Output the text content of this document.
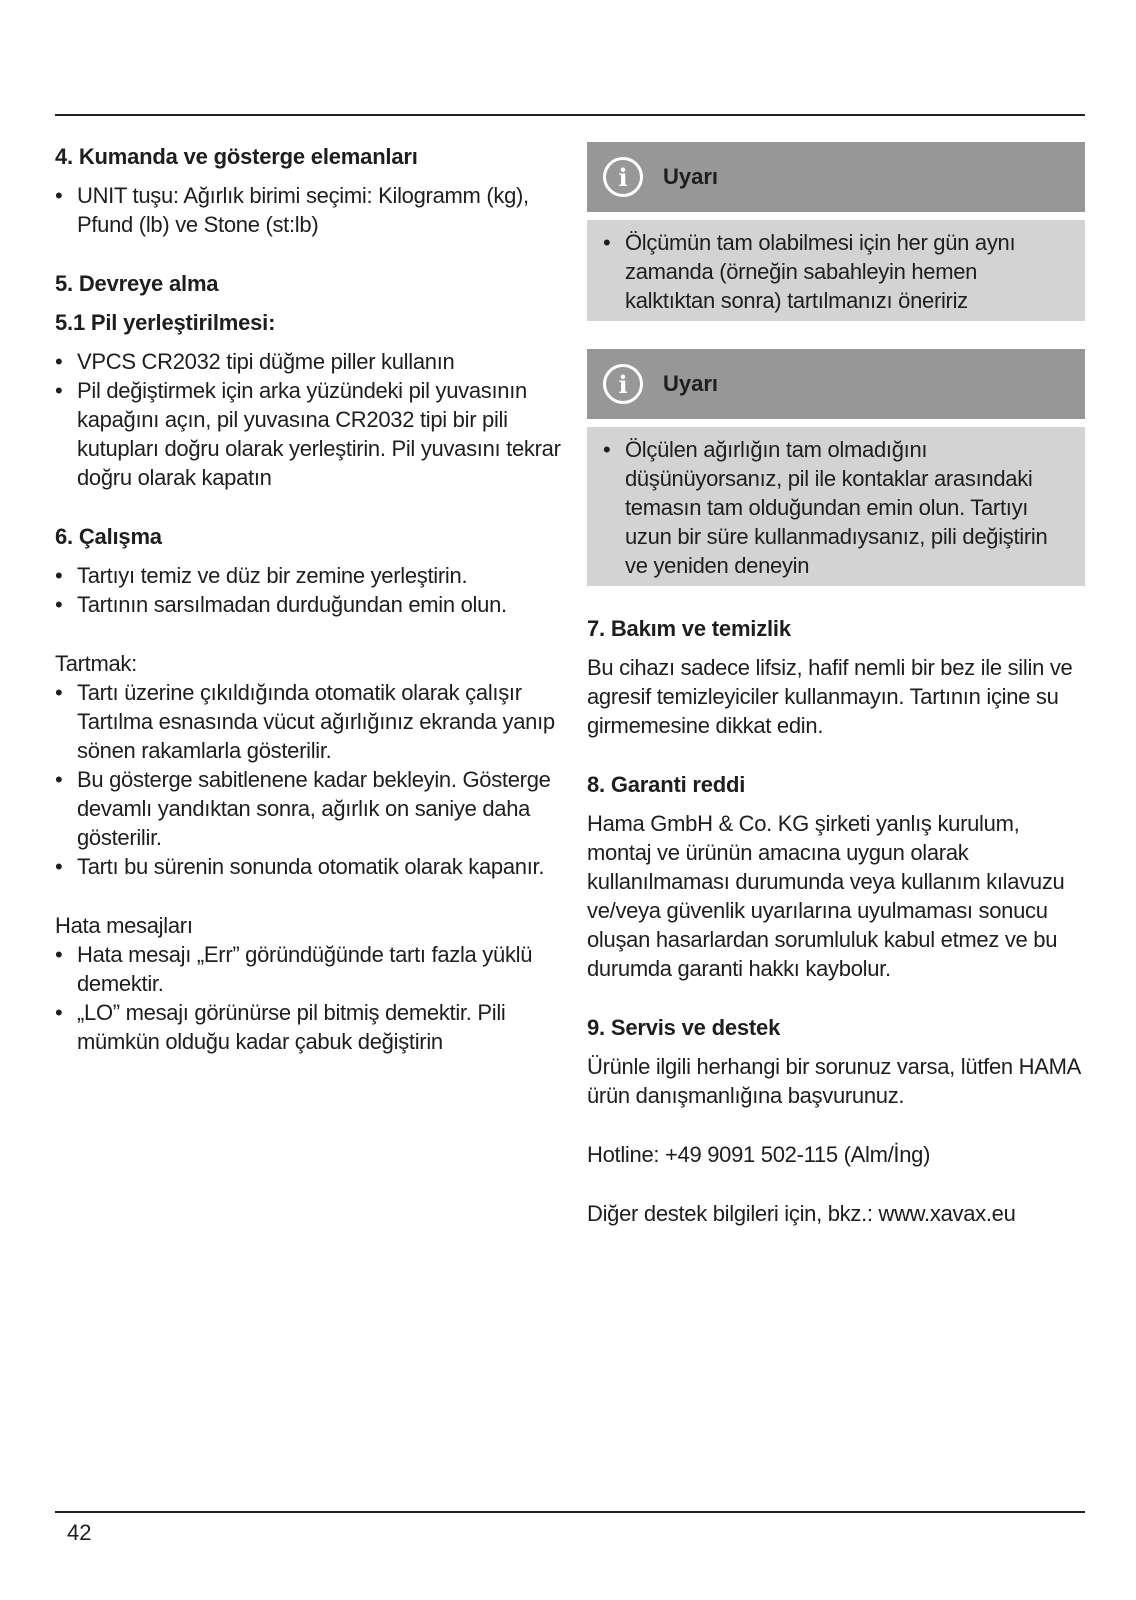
4. Kumanda ve gösterge elemanları
• UNIT tuşu: Ağırlık birimi seçimi: Kilogramm (kg), Pfund (lb) ve Stone (st:lb)
5. Devreye alma
5.1 Pil yerleştirilmesi:
• VPCS CR2032 tipi düğme piller kullanın
• Pil değiştirmek için arka yüzündeki pil yuvasının kapağını açın, pil yuvasına CR2032 tipi bir pili kutupları doğru olarak yerleştirin. Pil yuvasını tekrar doğru olarak kapatın
6. Çalışma
• Tartıyı temiz ve düz bir zemine yerleştirin.
• Tartının sarsılmadan durduğundan emin olun.

Tartmak:

• Tartı üzerine çıkıldığında otomatik olarak çalışır Tartılma esnasında vücut ağırlığınız ekranda yanıp sönen rakamlarla gösterilir.
• Bu gösterge sabitlenene kadar bekleyin. Gösterge devamlı yandıktan sonra, ağırlık on saniye daha gösterilir.
• Tartı bu sürenin sonunda otomatik olarak kapanır.

Hata mesajları

• Hata mesajı „Err” göründüğünde tartı fazla yüklü demektir.
• „LO” mesajı görünürse pil bitmiş demektir. Pili mümkün olduğu kadar çabuk değiştirin
i	Uyarı
• Ölçümün tam olabilmesi için her gün aynı zamanda (örneğin sabahleyin hemen kalktıktan sonra) tartılmanızı öneririz
i	Uyarı
• Ölçülen ağırlığın tam olmadığını düşünüyorsanız, pil ile kontaklar arasındaki temasın tam olduğundan emin olun. Tartıyı uzun bir süre kullanmadıysanız, pili değiştirin ve yeniden deneyin
7. Bakım ve temizlik

Bu cihazı sadece lifsiz, hafif nemli bir bez ile silin ve agresif temizleyiciler kullanmayın. Tartının içine su girmemesine dikkat edin.

8. Garanti reddi

Hama GmbH & Co. KG şirketi yanlış kurulum, montaj ve ürünün amacına uygun olarak kullanılmaması durumunda veya kullanım kılavuzu ve/veya güvenlik uyarılarına uyulmaması sonucu oluşan hasarlardan sorumluluk kabul etmez ve bu durumda garanti hakkı kaybolur.

9. Servis ve destek

Ürünle ilgili herhangi bir sorunuz varsa, lütfen HAMA ürün danışmanlığına başvurunuz.

Hotline: +49 9091 502-115 (Alm/İng)

Diğer destek bilgileri için, bkz.: www.xavax.eu

42
